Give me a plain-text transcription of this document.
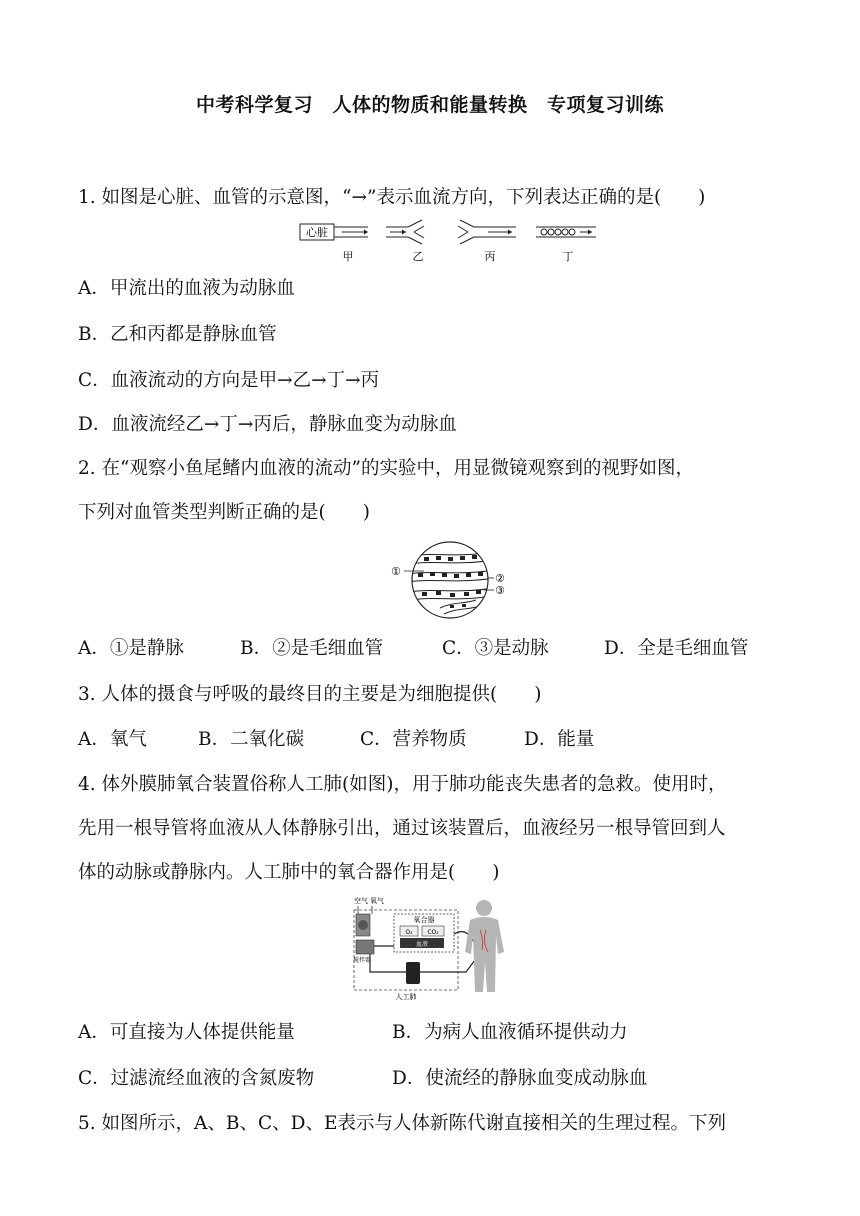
中考科学复习　人体的物质和能量转换　专项复习训练
1. 如图是心脏、血管的示意图，“→”表示血流方向，下列表达正确的是(　　)
心脏
甲	乙	丙	丁
A．甲流出的血液为动脉血
B．乙和丙都是静脉血管
C．血液流动的方向是甲→乙→丁→丙
D．血液流经乙→丁→丙后，静脉血变为动脉血
2. 在“观察小鱼尾鳍内血液的流动”的实验中，用显微镜观察到的视野如图，
下列对血管类型判断正确的是(　　)
①
②
③
A．①是静脉	B．②是毛细血管	C．③是动脉	D．全是毛细血管
3. 人体的摄食与呼吸的最终目的主要是为细胞提供(　　)
A．氧气	B．二氧化碳	C．营养物质	D．能量
4. 体外膜肺氧合装置俗称人工肺(如图)，用于肺功能丧失患者的急救。使用时，
先用一根导管将血液从人体静脉引出，通过该装置后，血液经另一根导管回到人
体的动脉或静脉内。人工肺中的氧合器作用是(　　)
空气 氧气
氧合器
O₂ CO₂
血液
搅拌器
人工肺
A．可直接为人体提供能量	B．为病人血液循环提供动力
C．过滤流经血液的含氮废物	D．使流经的静脉血变成动脉血
5. 如图所示，A、B、C、D、E表示与人体新陈代谢直接相关的生理过程。下列
